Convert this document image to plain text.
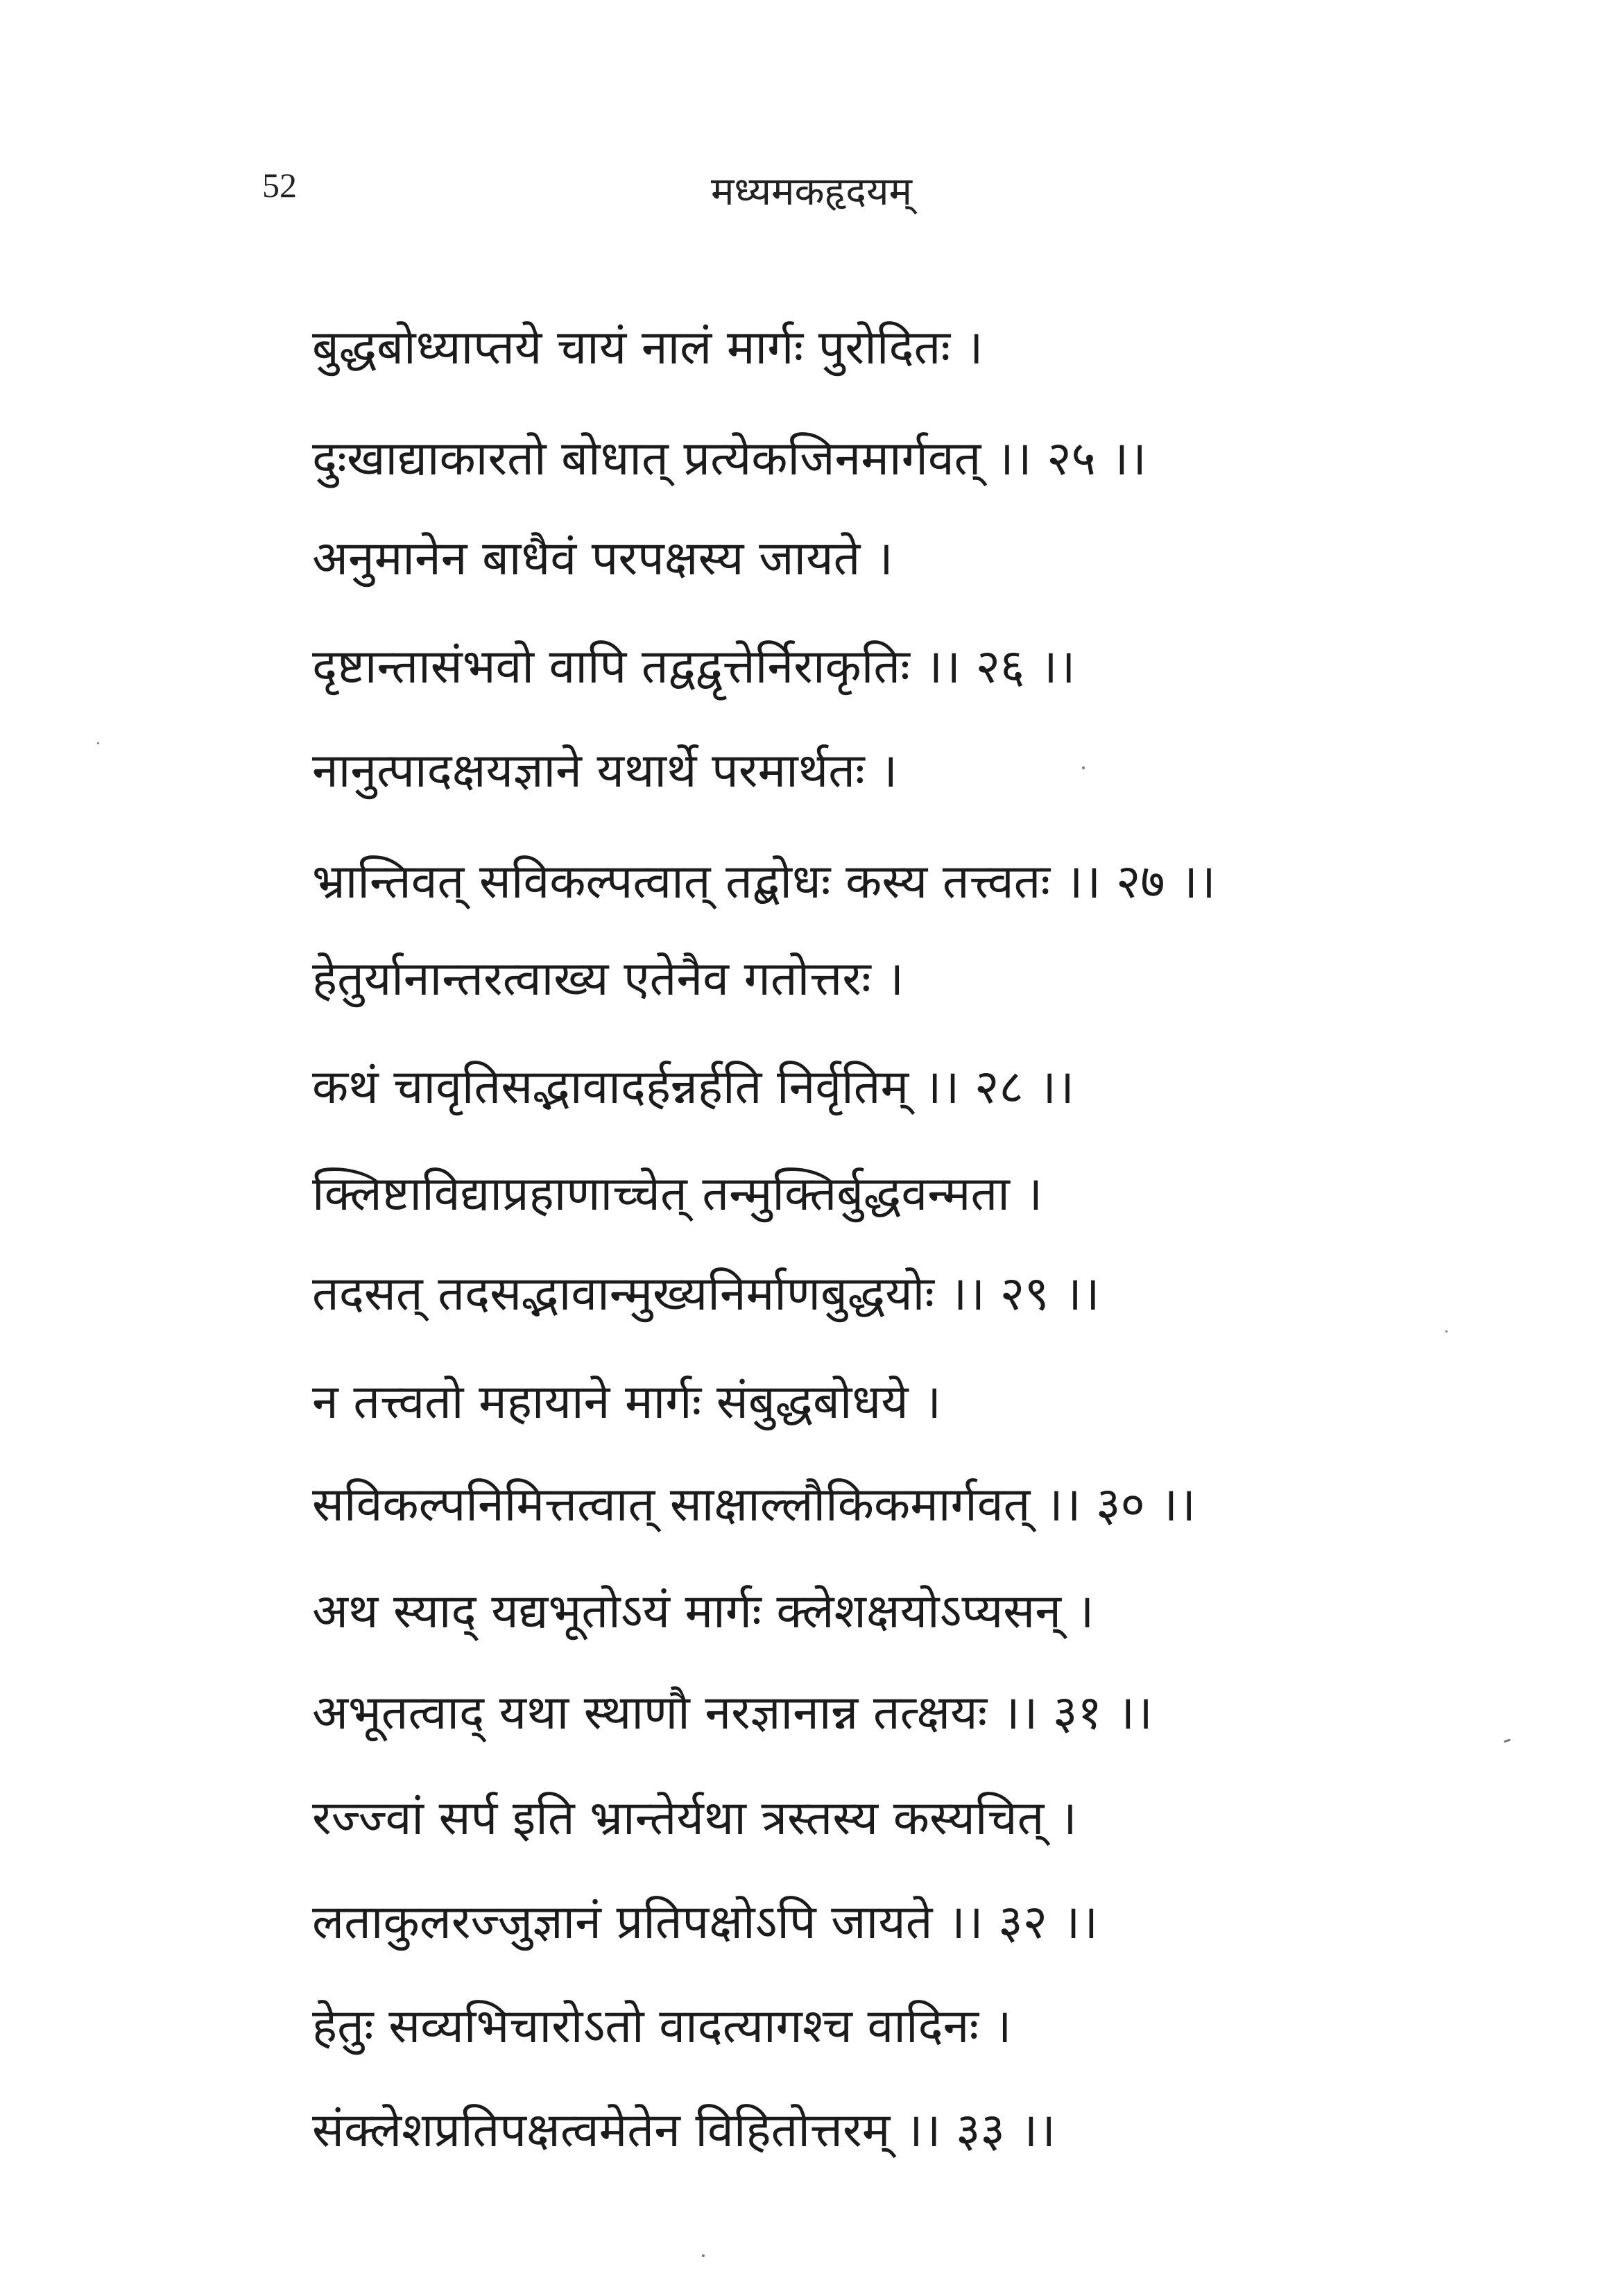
52	मध्यमकहृदयम्
बुद्धबोध्याप्तये चायं नालं मार्गः पुरोदितः ।
दुःखाद्याकारतो बोधात् प्रत्येकजिनमार्गवत् ।। २५ ।।
अनुमानेन बाधैवं परपक्षस्य जायते ।
दृष्टान्तासंभवो वापि तद्वद्वृत्तेर्निराकृतिः ।। २६ ।।
नानुत्पादक्षयज्ञाने यथार्थे परमार्थतः ।
भ्रान्तिवत् सविकल्पत्वात् तद्बोधः कस्य तत्त्वतः ।। २७ ।।
हेतुर्यानान्तरत्वाख्य एतेनैव गतोत्तरः ।
कथं चावृतिसद्भावादर्हन्नर्हति निर्वृतिम् ।। २८ ।।
क्लिष्टाविद्याप्रहाणाच्चेत् तन्मुक्तिर्बुद्धवन्मता ।
तदसत् तदसद्भावान्मुख्यनिर्माणबुद्धयोः ।। २९ ।।
न तत्त्वतो महायाने मार्गः संबुद्धबोधये ।
सविकल्पनिमित्तत्वात् साक्षाल्लौकिकमार्गवत् ।। ३० ।।
अथ स्याद् यद्यभूतोऽयं मार्गः क्लेशक्षयोऽप्यसन् ।
अभूतत्वाद् यथा स्थाणौ नरज्ञानान्न तत्क्षयः ।। ३१ ।।
रज्ज्वां सर्प इति भ्रान्तेर्यथा त्रस्तस्य कस्यचित् ।
लताकुलरज्जुज्ञानं प्रतिपक्षोऽपि जायते ।। ३२ ।।
हेतुः सव्यभिचारोऽतो वादत्यागश्च वादिनः ।
संक्लेशप्रतिपक्षत्वमेतेन विहितोत्तरम् ।। ३३ ।।
